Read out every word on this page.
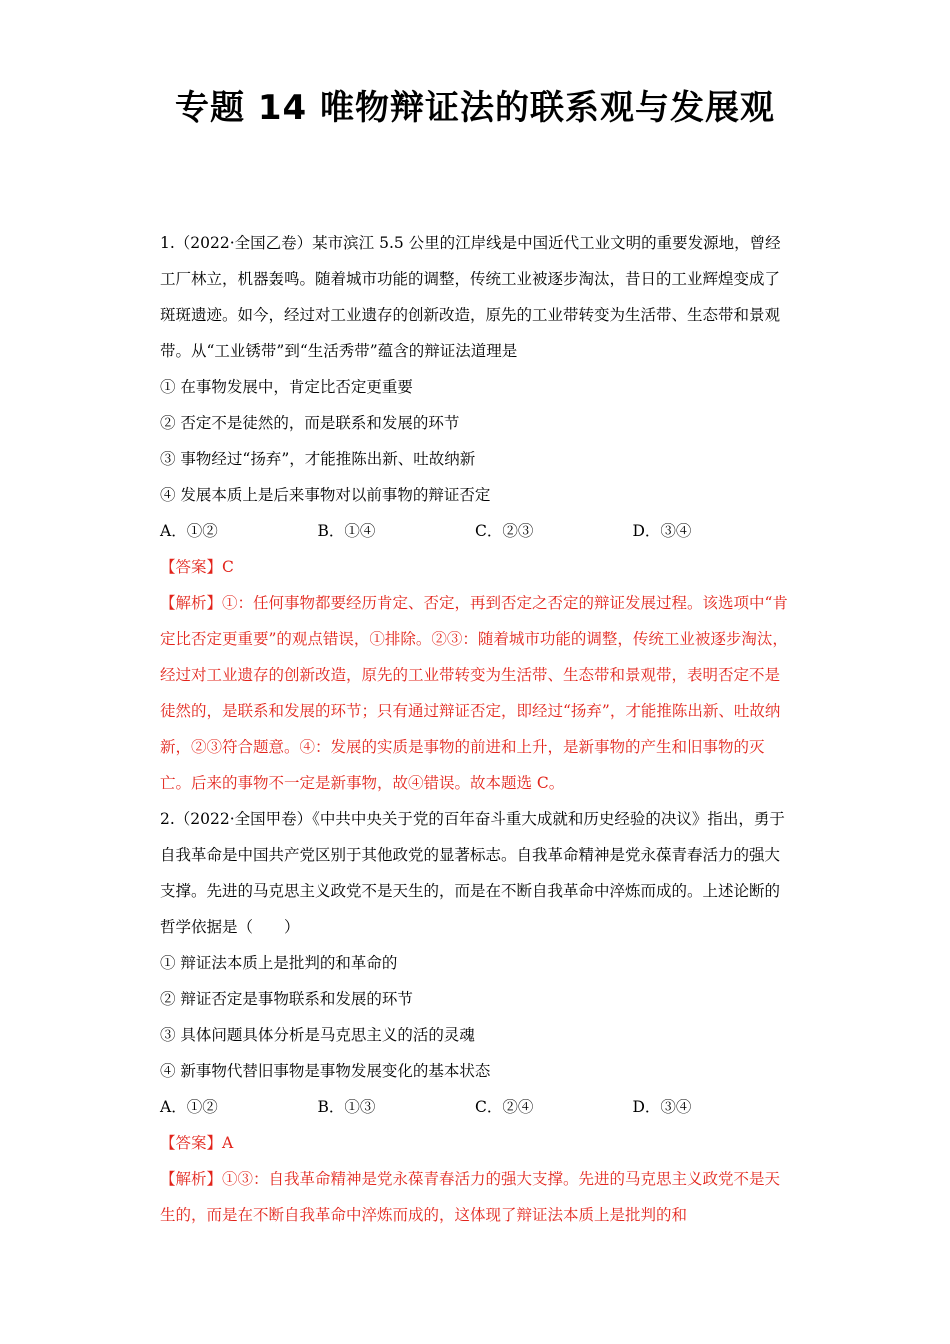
专题 14 唯物辩证法的联系观与发展观

1.（2022·全国乙卷）某市滨江 5.5 公里的江岸线是中国近代工业文明的重要发源地，曾经工厂林立，机器轰鸣。随着城市功能的调整，传统工业被逐步淘汰，昔日的工业辉煌变成了斑斑遗迹。如今，经过对工业遗存的创新改造，原先的工业带转变为生活带、生态带和景观带。从“工业锈带”到“生活秀带”蕴含的辩证法道理是

① 在事物发展中，肯定比否定更重要

② 否定不是徒然的，而是联系和发展的环节

③ 事物经过“扬弃”，才能推陈出新、吐故纳新

④ 发展本质上是后来事物对以前事物的辩证否定

A．①②	B．①④	C．②③	D．③④

【答案】C

【解析】①：任何事物都要经历肯定、否定，再到否定之否定的辩证发展过程。该选项中“肯定比否定更重要”的观点错误，①排除。②③：随着城市功能的调整，传统工业被逐步淘汰，经过对工业遗存的创新改造，原先的工业带转变为生活带、生态带和景观带，表明否定不是徒然的，是联系和发展的环节；只有通过辩证否定，即经过“扬弃”，才能推陈出新、吐故纳新，②③符合题意。④：发展的实质是事物的前进和上升，是新事物的产生和旧事物的灭亡。后来的事物不一定是新事物，故④错误。故本题选 C。

2.（2022·全国甲卷）《中共中央关于党的百年奋斗重大成就和历史经验的决议》指出，勇于自我革命是中国共产党区别于其他政党的显著标志。自我革命精神是党永葆青春活力的强大支撑。先进的马克思主义政党不是天生的，而是在不断自我革命中淬炼而成的。上述论断的哲学依据是（　　）

① 辩证法本质上是批判的和革命的

② 辩证否定是事物联系和发展的环节

③ 具体问题具体分析是马克思主义的活的灵魂

④ 新事物代替旧事物是事物发展变化的基本状态

A．①②	B．①③	C．②④	D．③④

【答案】A

【解析】①③：自我革命精神是党永葆青春活力的强大支撑。先进的马克思主义政党不是天生的，而是在不断自我革命中淬炼而成的，这体现了辩证法本质上是批判的和
